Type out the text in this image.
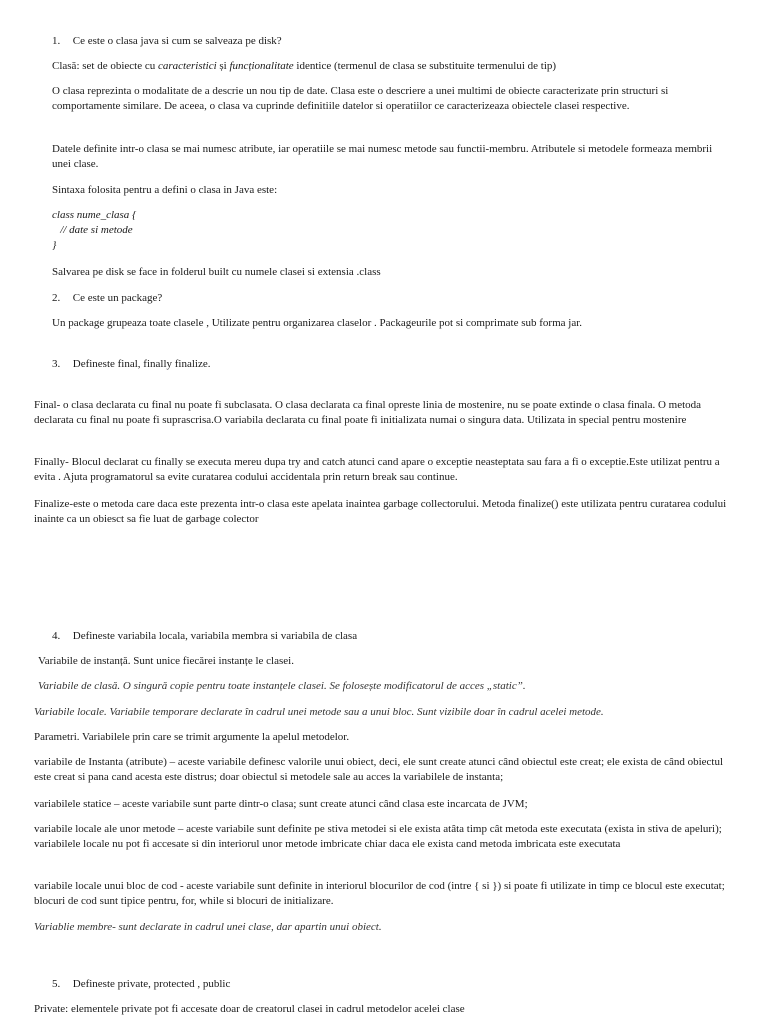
1. Ce este o clasa java si cum se salveaza pe disk?

Clasă: set de obiecte cu caracteristici și funcționalitate identice (termenul de clasa se substituite termenului de tip)

O clasa reprezinta o modalitate de a descrie un nou tip de date. Clasa este o descriere a unei multimi de obiecte caracterizate prin structuri si comportamente similare. De aceea, o clasa va cuprinde definitiile datelor si operatiilor ce caracterizeaza obiectele clasei respective.

Datele definite intr-o clasa se mai numesc atribute, iar operatiile se mai numesc metode sau functii-membru. Atributele si metodele formeaza membrii unei clase.

Sintaxa folosita pentru a defini o clasa in Java este:

class nume_clasa {
// date si metode
}

Salvarea pe disk se face in folderul built cu numele clasei si extensia .class

2. Ce este un package?

Un package grupeaza toate clasele , Utilizate pentru organizarea claselor . Packageurile pot si comprimate sub forma jar.

3. Defineste final, finally finalize.

Final- o clasa declarata cu final nu poate fi subclasata. O clasa declarata ca final opreste linia de mostenire, nu se poate extinde o clasa finala. O metoda declarata cu final nu poate fi suprascrisa.O variabila declarata cu final poate fi initializata numai o singura data. Utilizata in special pentru mostenire

Finally- Blocul declarat cu finally se executa mereu dupa try and catch atunci cand apare o exceptie neasteptata sau fara a fi o exceptie.Este utilizat pentru a evita . Ajuta programatorul sa evite curatarea codului accidentala prin return break sau continue.

Finalize-este o metoda care daca este prezenta intr-o clasa este apelata inaintea garbage collectorului. Metoda finalize() este utilizata pentru curatarea codului inainte ca un obiesct sa fie luat de garbage colector

4. Defineste variabila locala, variabila membra si variabila de clasa

Variabile de instanță. Sunt unice fiecărei instanțe le clasei.

Variabile de clasă. O singură copie pentru toate instanțele clasei. Se folosește modificatorul de acces „static”.

Variabile locale. Variabile temporare declarate în cadrul unei metode sau a unui bloc. Sunt vizibile doar în cadrul acelei metode.

Parametri. Variabilele prin care se trimit argumente la apelul metodelor.

variabile de Instanta (atribute) – aceste variabile definesc valorile unui obiect, deci, ele sunt create atunci când obiectul este creat; ele exista de când obiectul este creat si pana cand acesta este distrus; doar obiectul si metodele sale au acces la variabilele de instanta;

variabilele statice – aceste variabile sunt parte dintr-o clasa; sunt create atunci când clasa este incarcata de JVM;

variabile locale ale unor metode – aceste variabile sunt definite pe stiva metodei si ele exista atâta timp cât metoda este executata (exista in stiva de apeluri); variabilele locale nu pot fi accesate si din interiorul unor metode imbricate chiar daca ele exista cand metoda imbricata este executata

variabile locale unui bloc de cod - aceste variabile sunt definite in interiorul blocurilor de cod (intre { si }) si poate fi utilizate in timp ce blocul este executat; blocuri de cod sunt tipice pentru, for, while si blocuri de initializare.

Variablie membre- sunt declarate in cadrul unei clase, dar apartin unui obiect.

5. Defineste private, protected , public

Private: elementele private pot fi accesate doar de creatorul clasei in cadrul metodelor acelei clase
